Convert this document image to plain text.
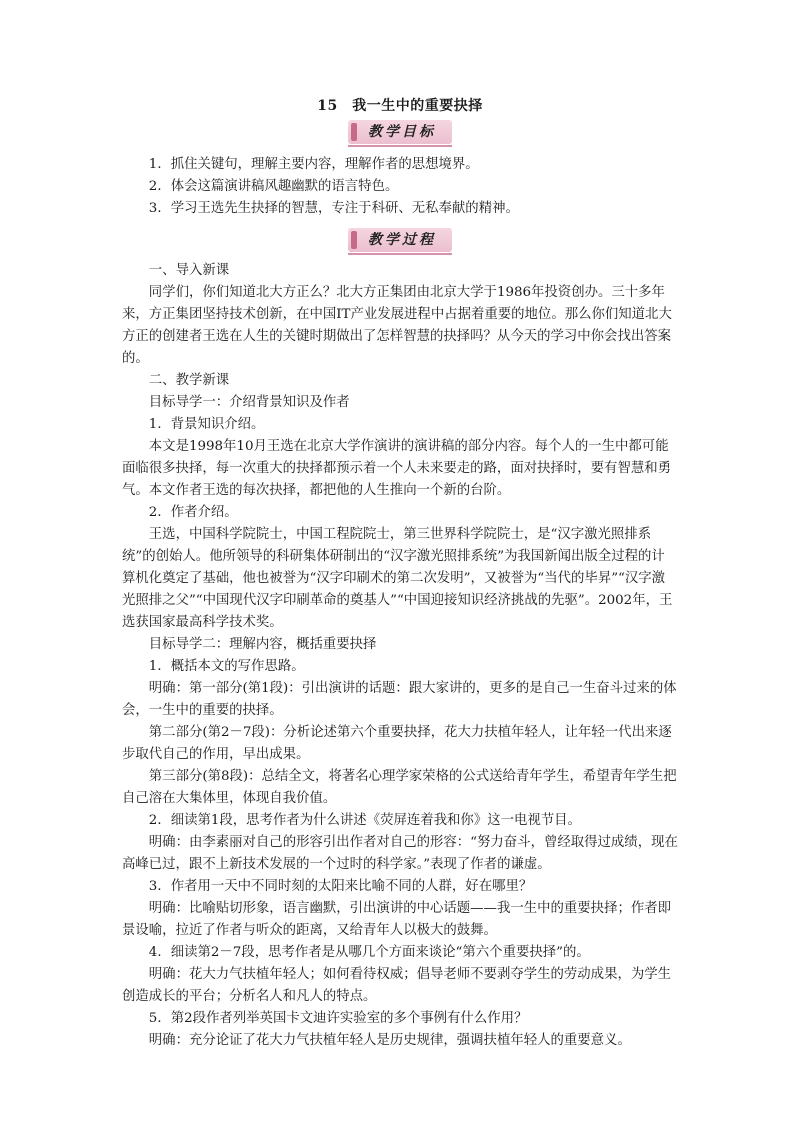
15　我一生中的重要抉择

教学目标

1．抓住关键句，理解主要内容，理解作者的思想境界。

2．体会这篇演讲稿风趣幽默的语言特色。

3．学习王选先生抉择的智慧，专注于科研、无私奉献的精神。

教学过程

一、导入新课

同学们，你们知道北大方正么？北大方正集团由北京大学于1986年投资创办。三十多年来，方正集团坚持技术创新，在中国IT产业发展进程中占据着重要的地位。那么你们知道北大方正的创建者王选在人生的关键时期做出了怎样智慧的抉择吗？从今天的学习中你会找出答案的。

二、教学新课

目标导学一：介绍背景知识及作者

1．背景知识介绍。

本文是1998年10月王选在北京大学作演讲的演讲稿的部分内容。每个人的一生中都可能面临很多抉择，每一次重大的抉择都预示着一个人未来要走的路，面对抉择时，要有智慧和勇气。本文作者王选的每次抉择，都把他的人生推向一个新的台阶。

2．作者介绍。

王选，中国科学院院士，中国工程院院士，第三世界科学院院士，是“汉字激光照排系统”的创始人。他所领导的科研集体研制出的“汉字激光照排系统”为我国新闻出版全过程的计算机化奠定了基础，他也被誉为“汉字印刷术的第二次发明”，又被誉为“当代的毕昇”“汉字激光照排之父”“中国现代汉字印刷革命的奠基人”“中国迎接知识经济挑战的先驱”。2002年，王选获国家最高科学技术奖。

目标导学二：理解内容，概括重要抉择

1．概括本文的写作思路。

明确：第一部分(第1段)：引出演讲的话题：跟大家讲的，更多的是自己一生奋斗过来的体会，一生中的重要的抉择。

第二部分(第2－7段)：分析论述第六个重要抉择，花大力扶植年轻人，让年轻一代出来逐步取代自己的作用，早出成果。

第三部分(第8段)：总结全文，将著名心理学家荣格的公式送给青年学生，希望青年学生把自己溶在大集体里，体现自我价值。

2．细读第1段，思考作者为什么讲述《荧屏连着我和你》这一电视节目。

明确：由李素丽对自己的形容引出作者对自己的形容：“努力奋斗，曾经取得过成绩，现在高峰已过，跟不上新技术发展的一个过时的科学家。”表现了作者的谦虚。

3．作者用一天中不同时刻的太阳来比喻不同的人群，好在哪里？

明确：比喻贴切形象，语言幽默，引出演讲的中心话题——我一生中的重要抉择；作者即景设喻，拉近了作者与听众的距离，又给青年人以极大的鼓舞。

4．细读第2－7段，思考作者是从哪几个方面来谈论“第六个重要抉择”的。

明确：花大力气扶植年轻人；如何看待权威；倡导老师不要剥夺学生的劳动成果，为学生创造成长的平台；分析名人和凡人的特点。

5．第2段作者列举英国卡文迪许实验室的多个事例有什么作用？

明确：充分论证了花大力气扶植年轻人是历史规律，强调扶植年轻人的重要意义。
